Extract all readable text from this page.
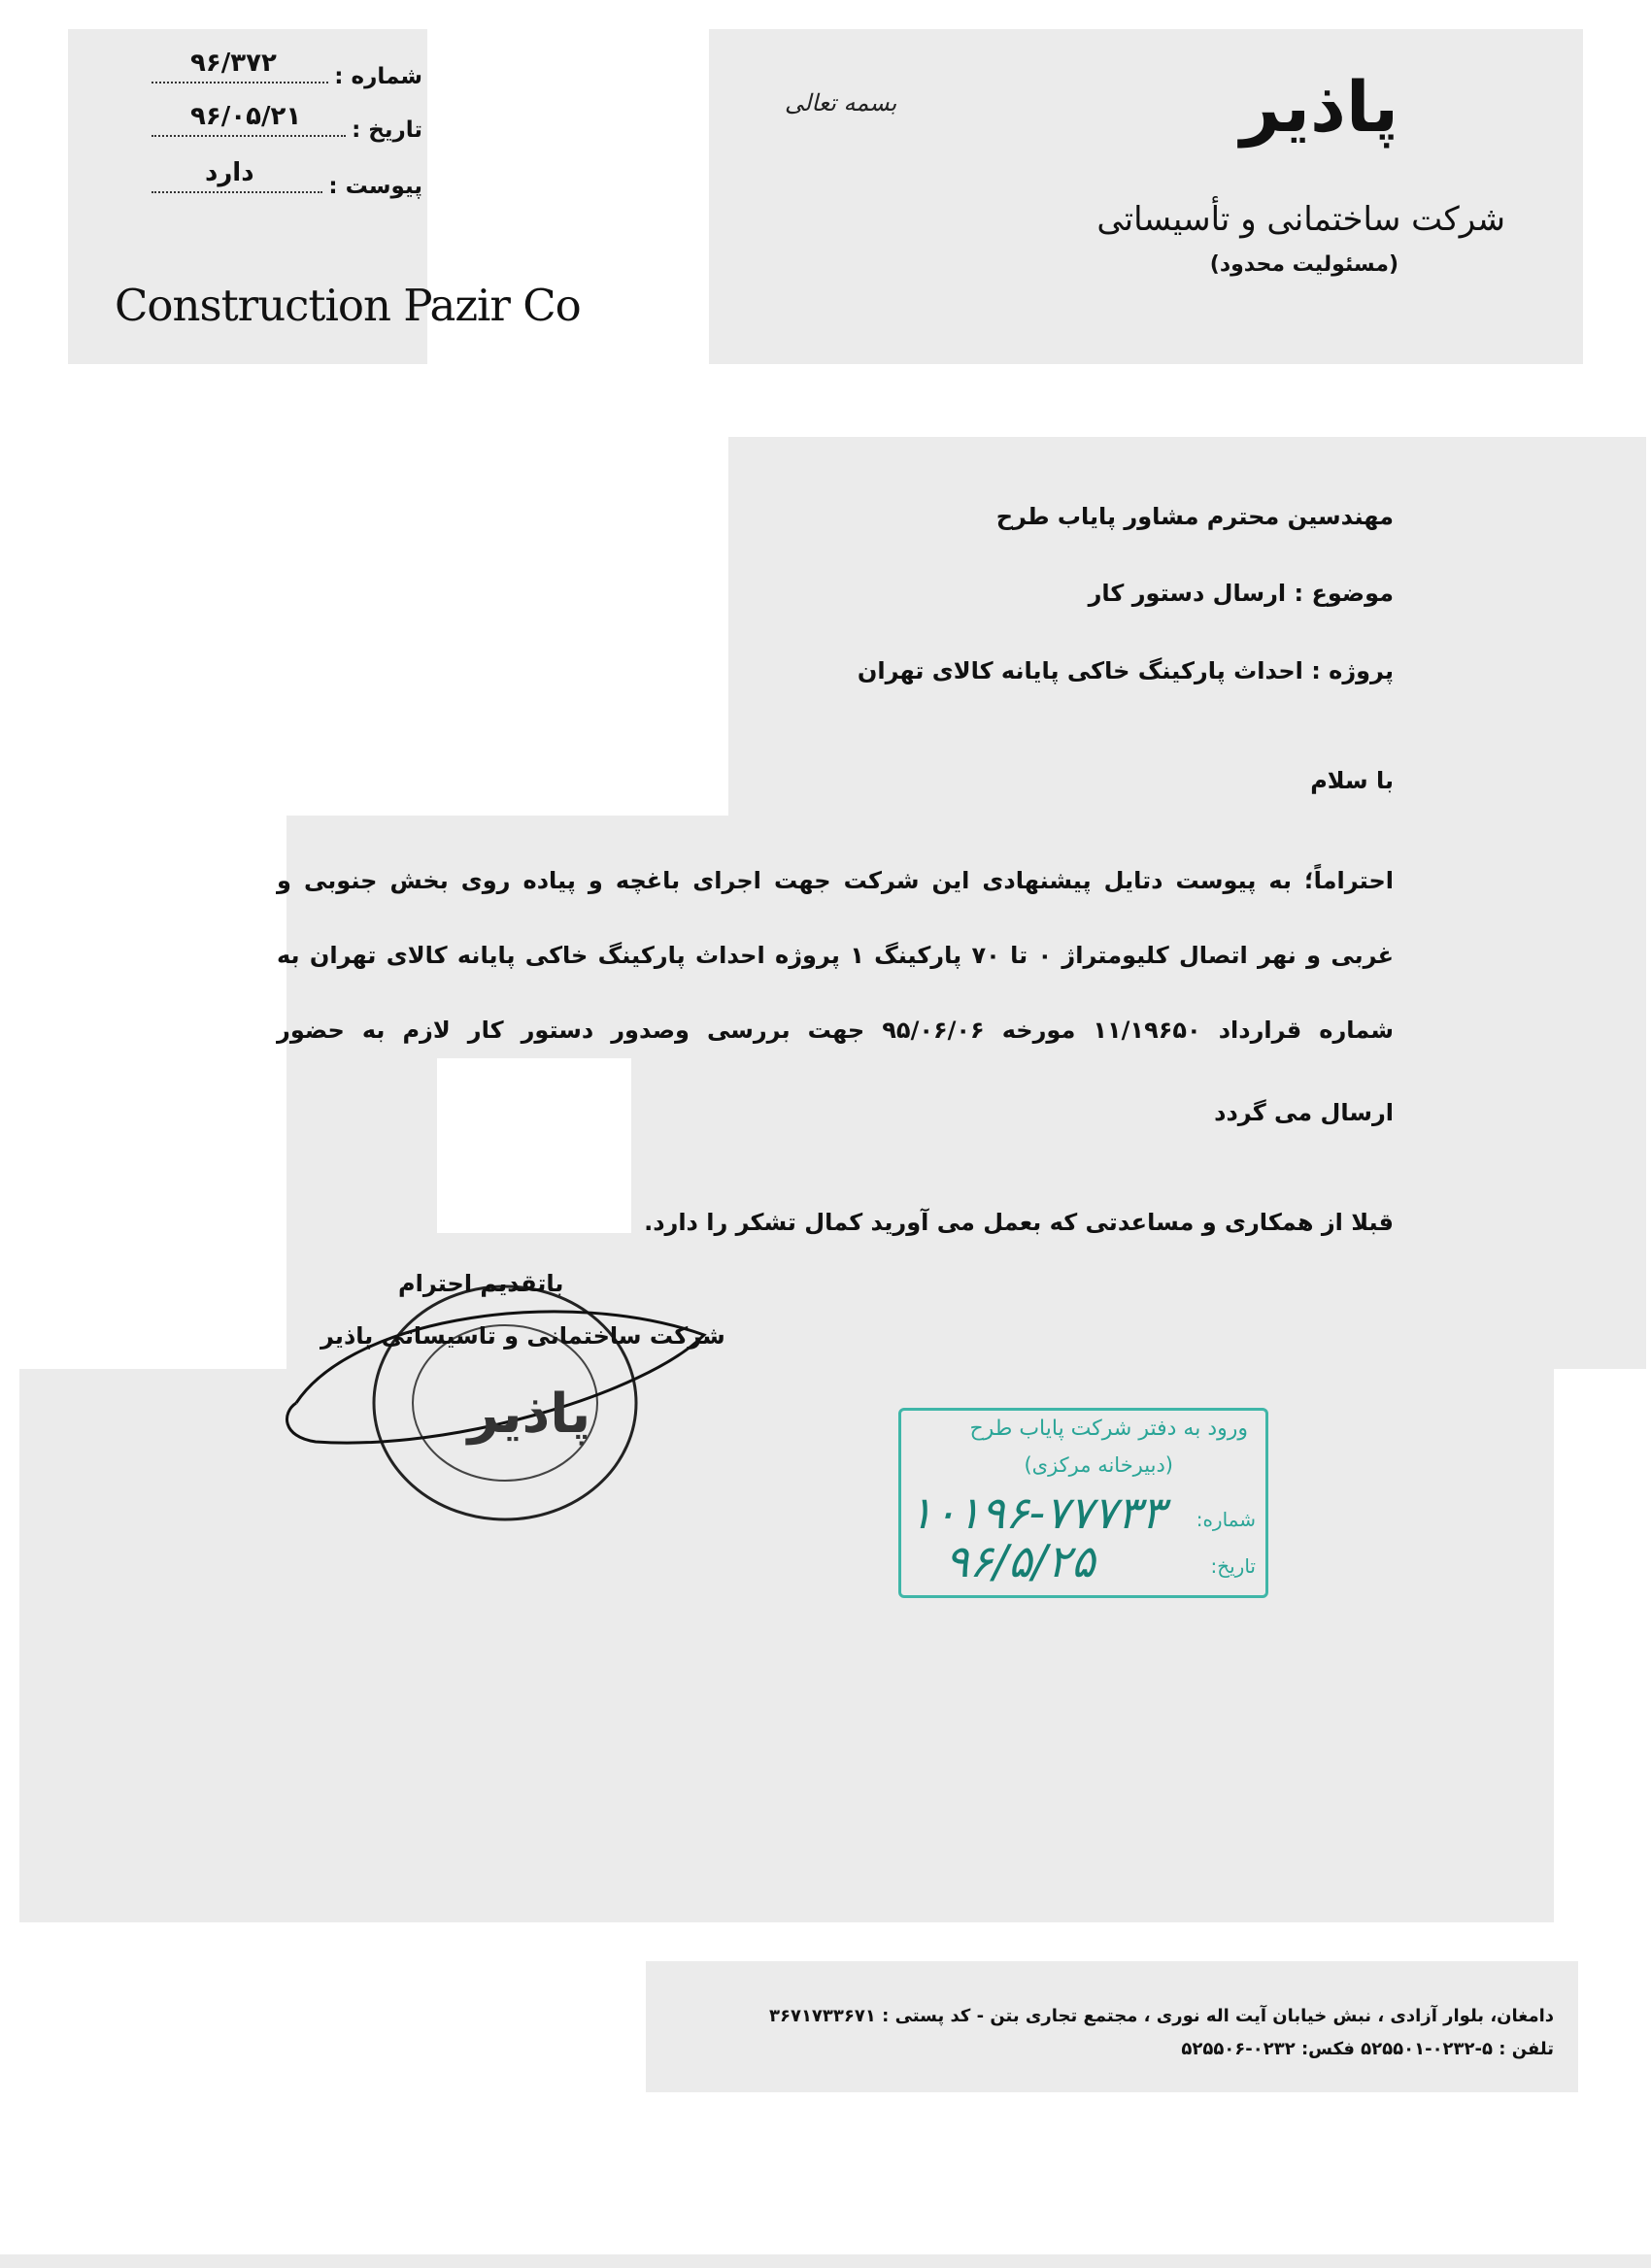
شماره :
۹۶/۳۷۲
تاریخ :
۹۶/۰۵/۲۱
پیوست :
دارد
بسمه تعالی	پاذیر
شرکت ساختمانی و تأسیساتی
(مسئولیت محدود)
Construction Pazir Co
مهندسین محترم مشاور پایاب طرح
موضوع : ارسال دستور کار
پروژه : احداث پارکینگ خاکی پایانه کالای تهران
با سلام
احتراماً؛ به پیوست دتایل پیشنهادی این شرکت جهت اجرای باغچه و پیاده روی بخش جنوبی و
غربی و نهر اتصال کلیومتراژ ۰ تا ۷۰ پارکینگ ۱ پروژه احداث پارکینگ خاکی پایانه کالای تهران به
شماره قرارداد ۱۱/۱۹۶۵۰ مورخه ۹۵/۰۶/۰۶ جهت بررسی وصدور دستور کار لازم به حضور
ارسال می گردد
قبلا از همکاری و مساعدتی که بعمل می آورید کمال تشکر را دارد.
پاذیر
باتقدیم احترام
شرکت ساختمانی و تاسیساتی پاذیر
ورود به دفتر شرکت پایاب طرح
(دبیرخانه مرکزی)
شماره:
۱۰۱۹۶-۷۷۷۳۳
تاریخ:
۹۶/۵/۲۵
دامغان، بلوار آزادی ، نبش خیابان آیت اله نوری ، مجتمع تجاری بتن - کد پستی : ۳۶۷۱۷۳۳۶۷۱
تلفن : ۵-۰۲۳۲-۵۲۵۵۰۱ فکس: ۰۲۳۲-۵۲۵۵۰۶
